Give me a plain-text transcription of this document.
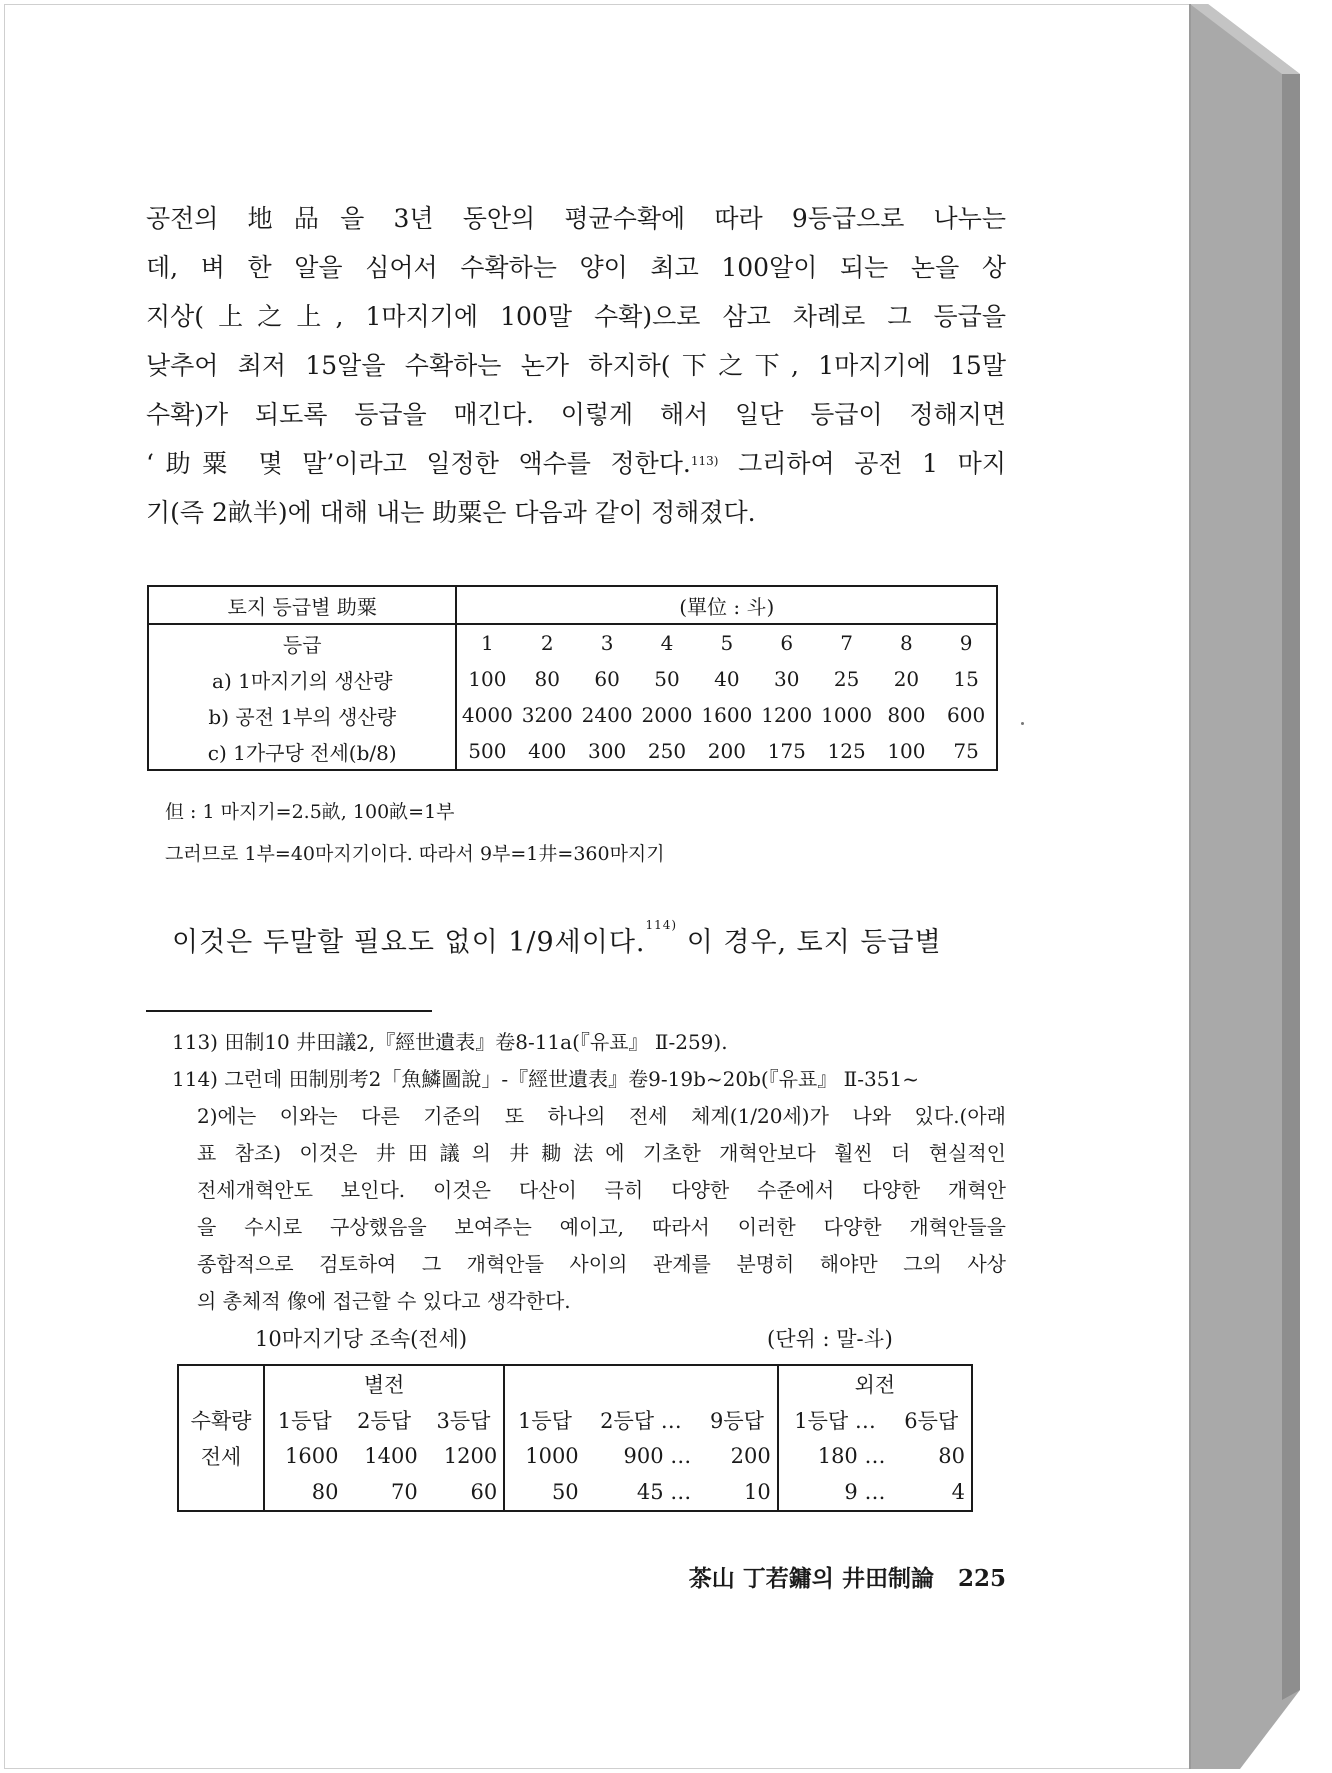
공전의 地品을 3년 동안의 평균수확에 따라 9등급으로 나누는
데, 벼 한 알을 심어서 수확하는 양이 최고 100알이 되는 논을 상
지상(上之上, 1마지기에 100말 수확)으로 삼고 차례로 그 등급을
낮추어 최저 15알을 수확하는 논가 하지하(下之下, 1마지기에 15말
수확)가 되도록 등급을 매긴다. 이렇게 해서 일단 등급이 정해지면
‘助粟 몇 말’이라고 일정한 액수를 정한다.$^{113)}$ 그리하여 공전 1 마지
기(즉 2畝半)에 대해 내는 助粟은 다음과 같이 정해졌다.
토지 등급별 助粟	(單位 : 斗)								
등급	1	2	3	4	5	6	7	8	9
a) 1마지기의 생산량	100	80	60	50	40	30	25	20	15
b) 공전 1부의 생산량	4000	3200	2400	2000	1600	1200	1000	800	600
c) 1가구당 전세(b/8)	500	400	300	250	200	175	125	100	75
但 : 1 마지기=2.5畝, 100畝=1부
그러므로 1부=40마지기이다. 따라서 9부=1井=360마지기
이것은 두말할 필요도 없이 1/9세이다.$^{114)}$ 이 경우, 토지 등급별
113) 田制10 井田議2,『經世遺表』卷8-11a(『유표』 Ⅱ-259).
114) 그런데 田制別考2「魚鱗圖說」-『經世遺表』卷9-19b~20b(『유표』 Ⅱ-351~
2)에는 이와는 다른 기준의 또 하나의 전세 체계(1/20세)가 나와 있다.(아래
표 참조) 이것은 井田議의 井耡法에 기초한 개혁안보다 훨씬 더 현실적인
전세개혁안도 보인다. 이것은 다산이 극히 다양한 수준에서 다양한 개혁안
을 수시로 구상했음을 보여주는 예이고, 따라서 이러한 다양한 개혁안들을
종합적으로 검토하여 그 개혁안들 사이의 관계를 분명히 해야만 그의 사상
의 총체적 像에 접근할 수 있다고 생각한다.
10마지기당 조속(전세)	(단위 : 말-斗)
	별전						외전	
수확량	1등답	2등답	3등답	1등답	2등답 …	9등답	1등답 …	6등답
전세	1600	1400	1200	1000	900 …	200	180 …	80
	80	70	60	50	45 …	10	9 …	4
茶山 丁若鏞의 井田制論 225
